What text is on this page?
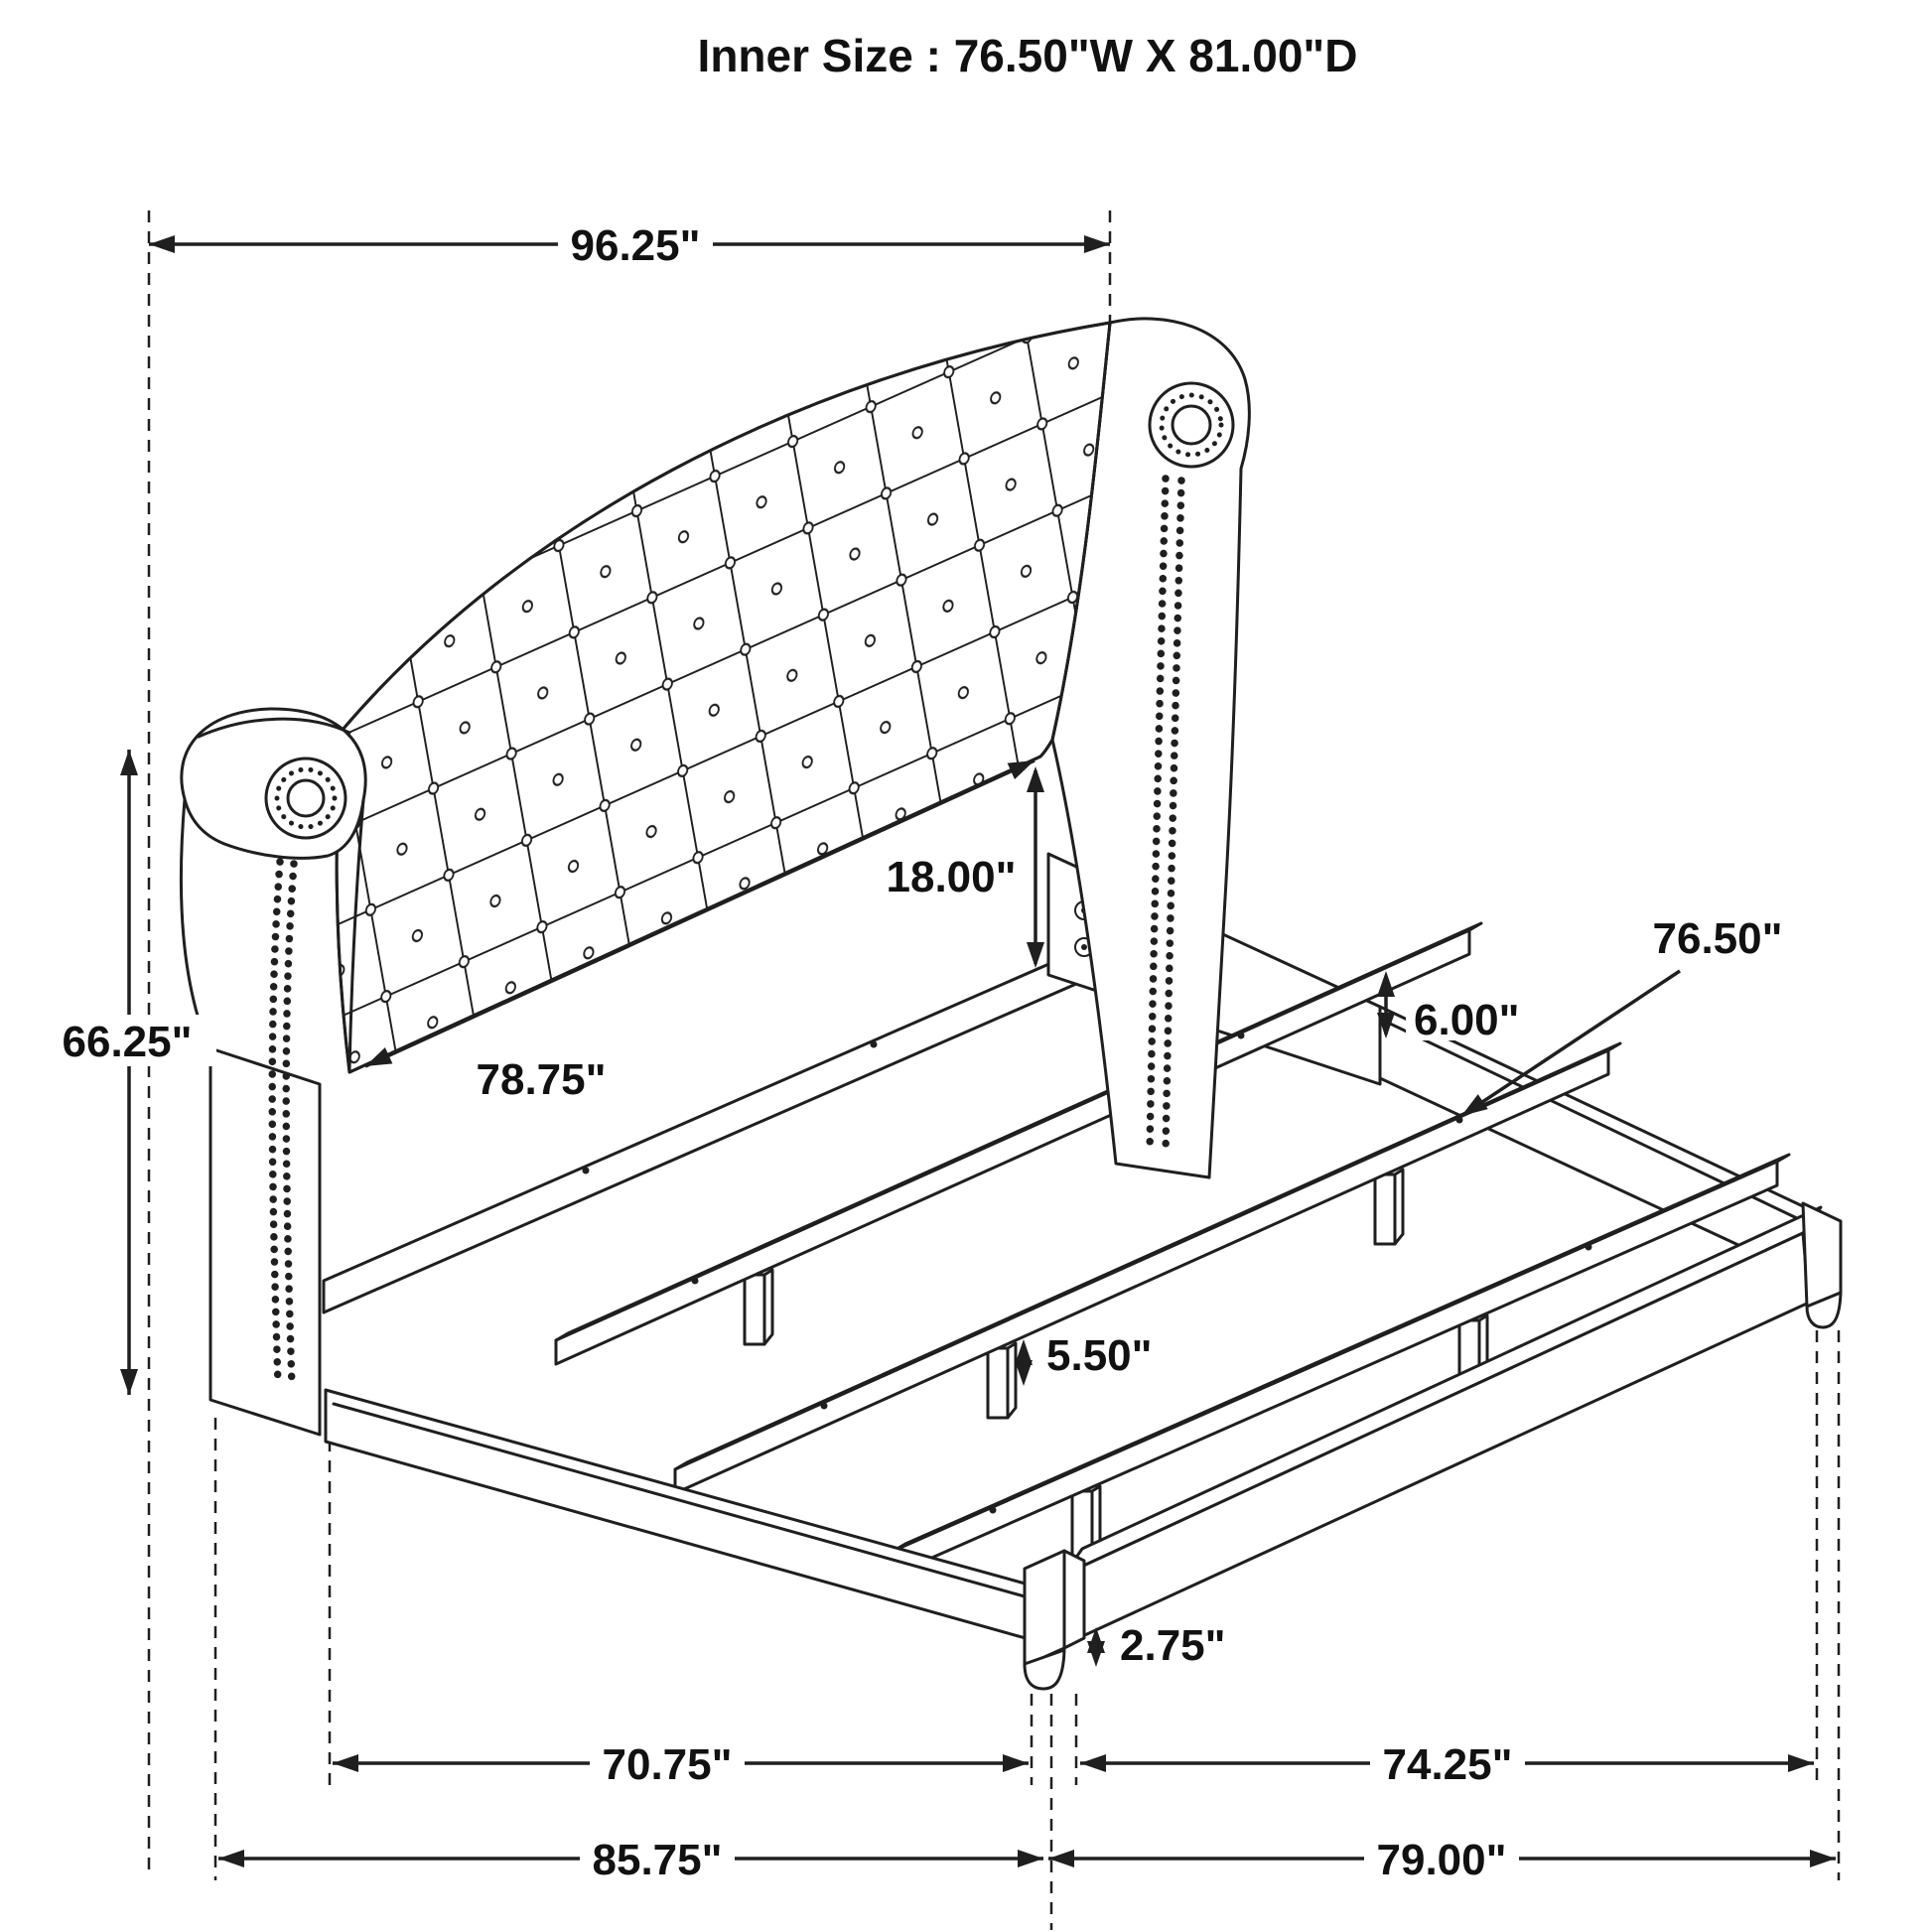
96.25"
66.25"
78.75"
18.00"
6.00"
76.50"
5.50"
2.75"
70.75"	74.25"
85.75"	79.00"
Inner Size : 76.50"W X 81.00"D
